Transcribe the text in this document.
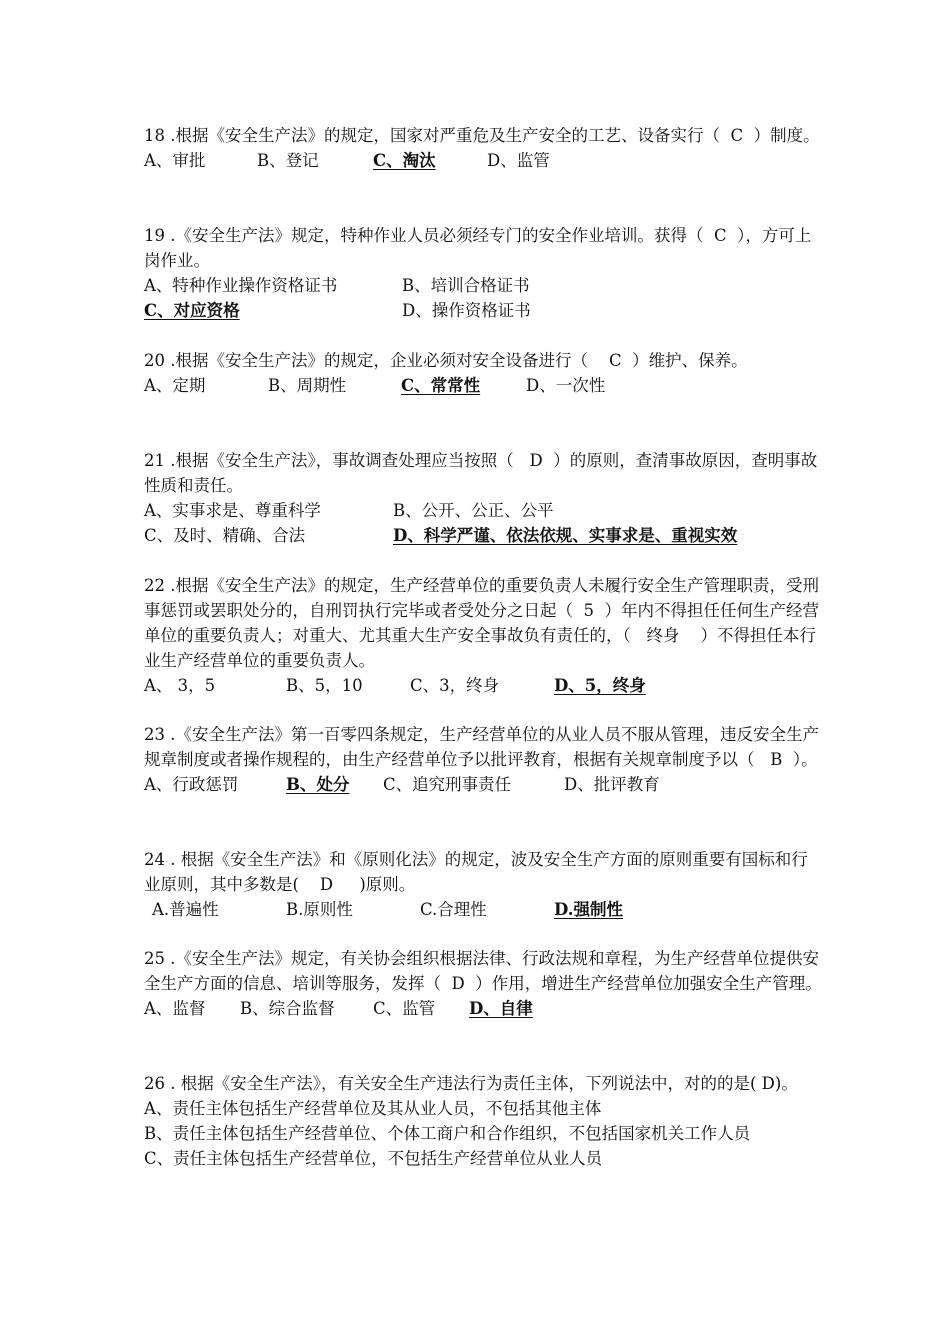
18 .根据《安全生产法》的规定，国家对严重危及生产安全的工艺、设备实行（  C  ）制度。
A、审批	B、登记	C、淘汰	D、监管
19 .《安全生产法》规定，特种作业人员必须经专门的安全作业培训。获得（  C  ），方可上岗作业。
A、特种作业操作资格证书	B、培训合格证书
C、对应资格	D、操作资格证书
20 .根据《安全生产法》的规定，企业必须对安全设备进行（    C  ）维护、保养。
A、定期	B、周期性	C、常常性	D、一次性
21 .根据《安全生产法》，事故调查处理应当按照（   D  ）的原则，查清事故原因，查明事故性质和责任。
A、实事求是、尊重科学	B、公开、公正、公平
C、及时、精确、合法	D、科学严谨、依法依规、实事求是、重视实效
22 .根据《安全生产法》的规定，生产经营单位的重要负责人未履行安全生产管理职责，受刑事惩罚或罢职处分的，自刑罚执行完毕或者受处分之日起（  5  ）年内不得担任任何生产经营单位的重要负责人；对重大、尤其重大生产安全事故负有责任的，（   终身    ）不得担任本行业生产经营单位的重要负责人。
A、 3，5	B、5，10	C、3，终身	D、5，终身
23 .《安全生产法》第一百零四条规定，生产经营单位的从业人员不服从管理，违反安全生产规章制度或者操作规程的，由生产经营单位予以批评教育，根据有关规章制度予以（   B  ）。
A、行政惩罚	B、处分 C、追究刑事责任	D、批评教育
24 . 根据《安全生产法》和《原则化法》的规定，波及安全生产方面的原则重要有国标和行业原则，其中多数是(    D     )原则。
A.普遍性	B.原则性	C.合理性	D.强制性
25 .《安全生产法》规定，有关协会组织根据法律、行政法规和章程，为生产经营单位提供安全生产方面的信息、培训等服务，发挥（  D  ）作用，增进生产经营单位加强安全生产管理。
A、监督 B、综合监督 C、监管 D、自律
26 . 根据《安全生产法》，有关安全生产违法行为责任主体，下列说法中，对的的是( D)。
A、责任主体包括生产经营单位及其从业人员，不包括其他主体
B、责任主体包括生产经营单位、个体工商户和合作组织，不包括国家机关工作人员
C、责任主体包括生产经营单位，不包括生产经营单位从业人员
